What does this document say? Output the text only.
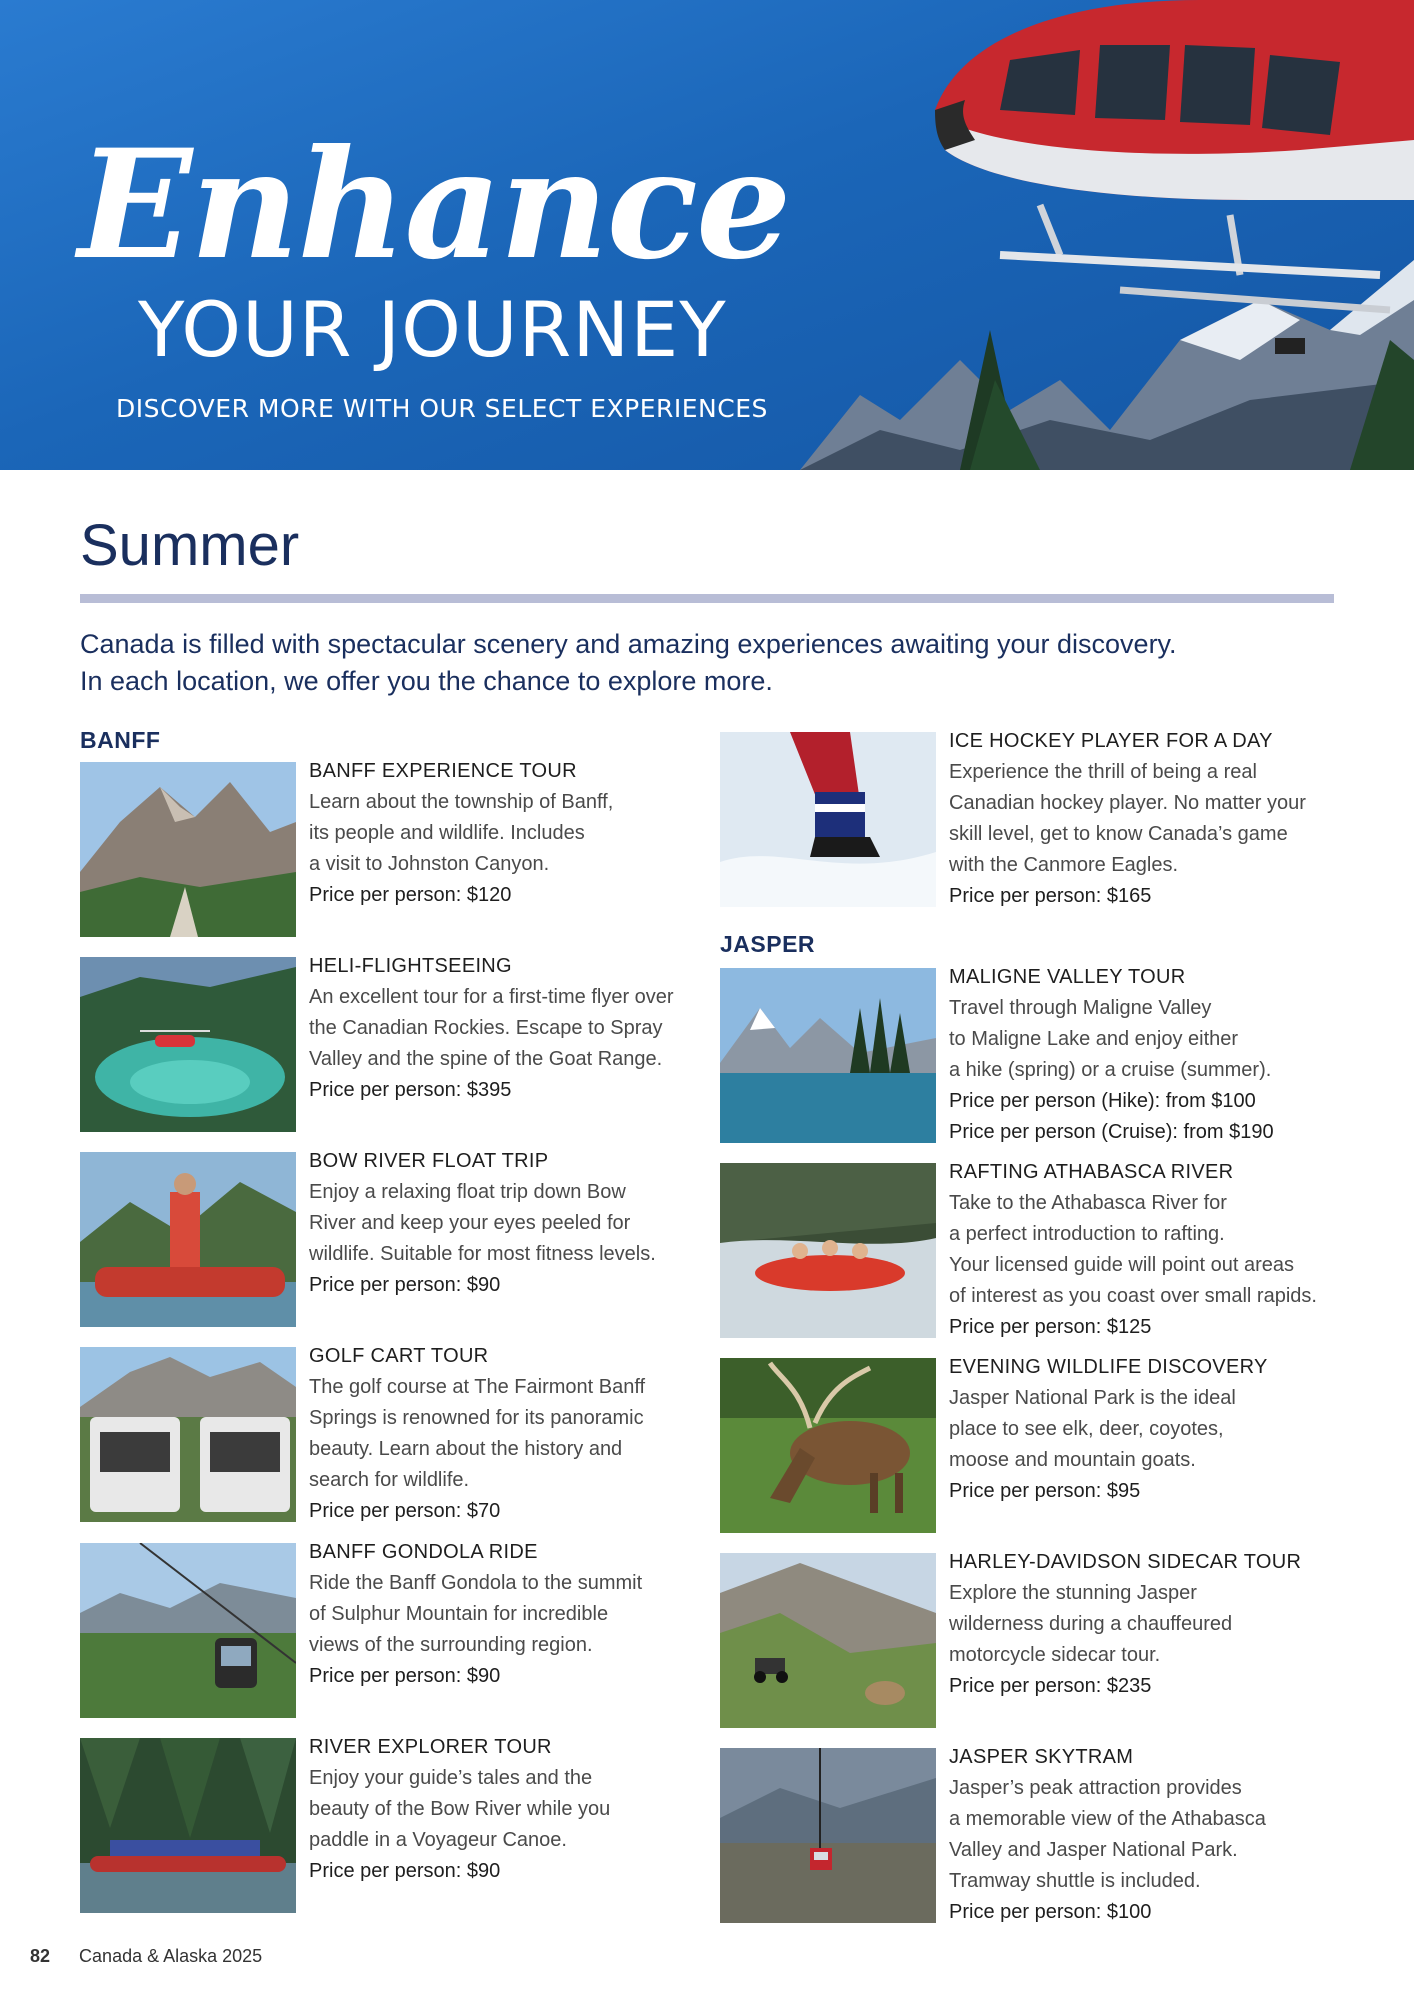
Enhance
YOUR JOURNEY
DISCOVER MORE WITH OUR SELECT EXPERIENCES
Summer
Canada is filled with spectacular scenery and amazing experiences awaiting your discovery.
In each location, we offer you the chance to explore more.
BANFF
JASPER
BANFF EXPERIENCE TOUR
Learn about the township of Banff,
its people and wildlife. Includes
a visit to Johnston Canyon.
Price per person: $120
HELI-FLIGHTSEEING
An excellent tour for a first-time flyer over
the Canadian Rockies. Escape to Spray
Valley and the spine of the Goat Range.
Price per person: $395
BOW RIVER FLOAT TRIP
Enjoy a relaxing float trip down Bow
River and keep your eyes peeled for
wildlife. Suitable for most fitness levels.
Price per person: $90
GOLF CART TOUR
The golf course at The Fairmont Banff
Springs is renowned for its panoramic
beauty. Learn about the history and
search for wildlife.
Price per person: $70
BANFF GONDOLA RIDE
Ride the Banff Gondola to the summit
of Sulphur Mountain for incredible
views of the surrounding region.
Price per person: $90
RIVER EXPLORER TOUR
Enjoy your guide’s tales and the
beauty of the Bow River while you
paddle in a Voyageur Canoe.
Price per person: $90
ICE HOCKEY PLAYER FOR A DAY
Experience the thrill of being a real
Canadian hockey player. No matter your
skill level, get to know Canada’s game
with the Canmore Eagles.
Price per person: $165
MALIGNE VALLEY TOUR
Travel through Maligne Valley
to Maligne Lake and enjoy either
a hike (spring) or a cruise (summer).
Price per person (Hike): from $100
Price per person (Cruise): from $190
RAFTING ATHABASCA RIVER
Take to the Athabasca River for
a perfect introduction to rafting.
Your licensed guide will point out areas
of interest as you coast over small rapids.
Price per person: $125
EVENING WILDLIFE DISCOVERY
Jasper National Park is the ideal
place to see elk, deer, coyotes,
moose and mountain goats.
Price per person: $95
HARLEY-DAVIDSON SIDECAR TOUR
Explore the stunning Jasper
wilderness during a chauffeured
motorcycle sidecar tour.
Price per person: $235
JASPER SKYTRAM
Jasper’s peak attraction provides
a memorable view of the Athabasca
Valley and Jasper National Park.
Tramway shuttle is included.
Price per person: $100
82 Canada & Alaska 2025
